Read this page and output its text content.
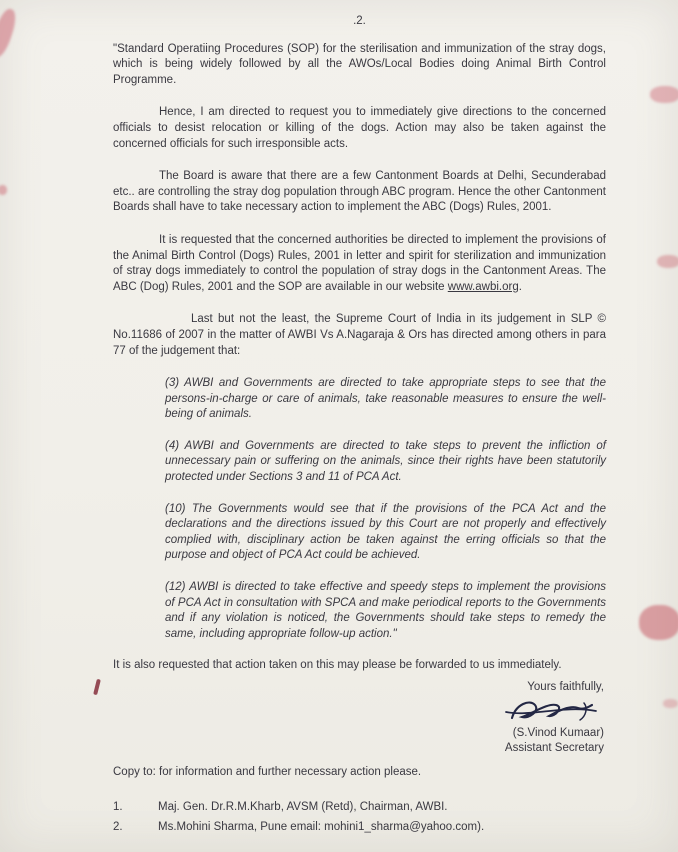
.2.

"Standard Operatiing Procedures (SOP) for the sterilisation and immunization of the stray dogs, which is being widely followed by all the AWOs/Local Bodies doing Animal Birth Control Programme.

Hence, I am directed to request you to immediately give directions to the concerned officials to desist relocation or killing of the dogs. Action may also be taken against the concerned officials for such irresponsible acts.

The Board is aware that there are a few Cantonment Boards at Delhi, Secunderabad etc.. are controlling the stray dog population through ABC program. Hence the other Cantonment Boards shall have to take necessary action to implement the ABC (Dogs) Rules, 2001.

It is requested that the concerned authorities be directed to implement the provisions of the Animal Birth Control (Dogs) Rules, 2001 in letter and spirit for sterilization and immunization of stray dogs immediately to control the population of stray dogs in the Cantonment Areas. The ABC (Dog) Rules, 2001 and the SOP are available in our website www.awbi.org.

Last but not the least, the Supreme Court of India in its judgement in SLP © No.11686 of 2007 in the matter of AWBI Vs A.Nagaraja & Ors has directed among others in para 77 of the judgement that:

(3) AWBI and Governments are directed to take appropriate steps to see that the persons-in-charge or care of animals, take reasonable measures to ensure the well-being of animals.
(4) AWBI and Governments are directed to take steps to prevent the infliction of unnecessary pain or suffering on the animals, since their rights have been statutorily protected under Sections 3 and 11 of PCA Act.
(10) The Governments would see that if the provisions of the PCA Act and the declarations and the directions issued by this Court are not properly and effectively complied with, disciplinary action be taken against the erring officials so that the purpose and object of PCA Act could be achieved.
(12) AWBI is directed to take effective and speedy steps to implement the provisions of PCA Act in consultation with SPCA and make periodical reports to the Governments and if any violation is noticed, the Governments should take steps to remedy the same, including appropriate follow-up action."

It is also requested that action taken on this may please be forwarded to us immediately.

Yours faithfully,
(S.Vinod Kumaar)
Assistant Secretary

Copy to: for information and further necessary action please.

1.	Maj. Gen. Dr.R.M.Kharb, AVSM (Retd), Chairman, AWBI.
2.	Ms.Mohini Sharma, Pune email: mohini1_sharma@yahoo.com).
